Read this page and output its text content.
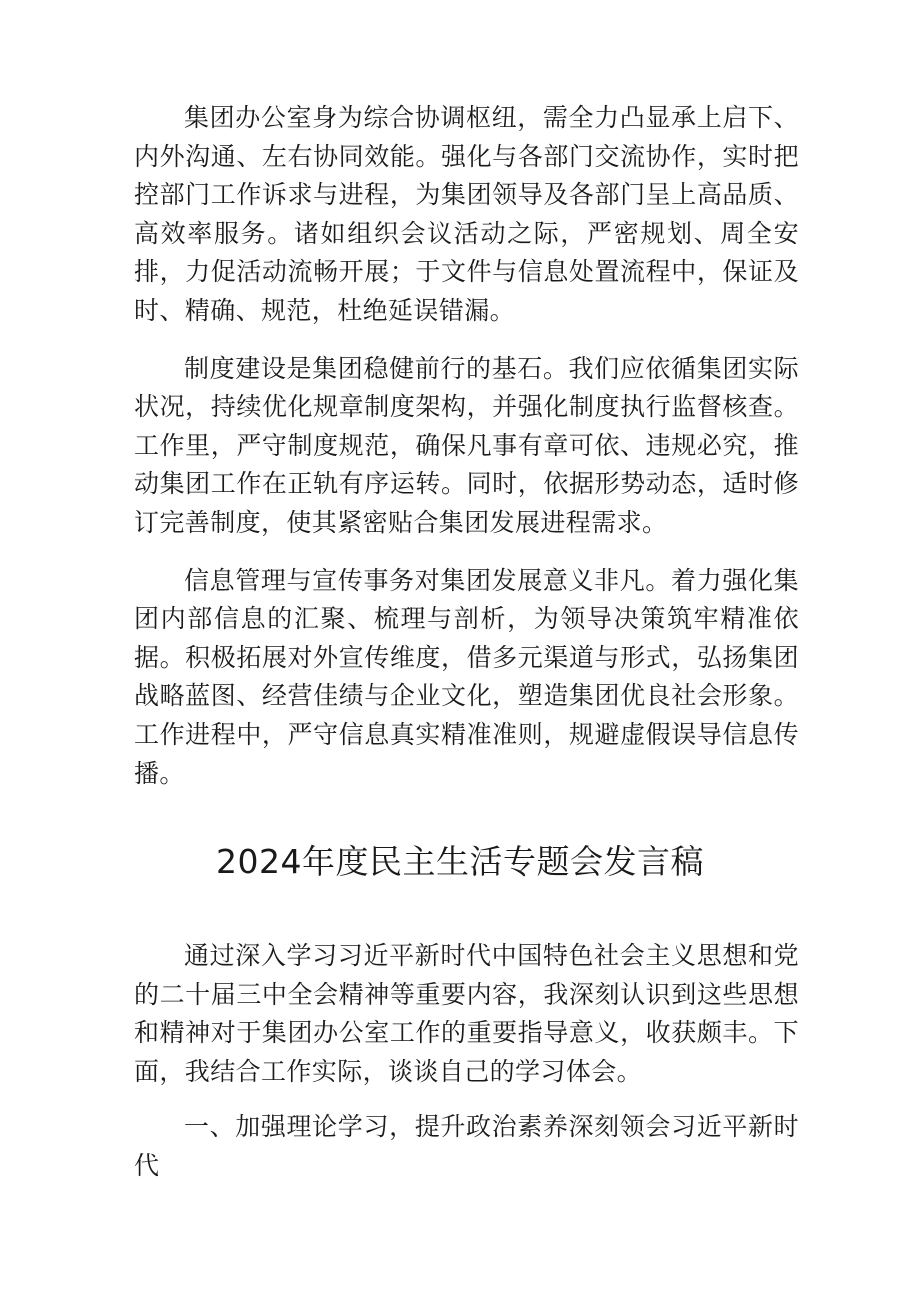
集团办公室身为综合协调枢纽，需全力凸显承上启下、内外沟通、左右协同效能。强化与各部门交流协作，实时把控部门工作诉求与进程，为集团领导及各部门呈上高品质、高效率服务。诸如组织会议活动之际，严密规划、周全安排，力促活动流畅开展；于文件与信息处置流程中，保证及时、精确、规范，杜绝延误错漏。

制度建设是集团稳健前行的基石。我们应依循集团实际状况，持续优化规章制度架构，并强化制度执行监督核查。工作里，严守制度规范，确保凡事有章可依、违规必究，推动集团工作在正轨有序运转。同时，依据形势动态，适时修订完善制度，使其紧密贴合集团发展进程需求。

信息管理与宣传事务对集团发展意义非凡。着力强化集团内部信息的汇聚、梳理与剖析，为领导决策筑牢精准依据。积极拓展对外宣传维度，借多元渠道与形式，弘扬集团战略蓝图、经营佳绩与企业文化，塑造集团优良社会形象。工作进程中，严守信息真实精准准则，规避虚假误导信息传播。

2024年度民主生活专题会发言稿

通过深入学习习近平新时代中国特色社会主义思想和党的二十届三中全会精神等重要内容，我深刻认识到这些思想和精神对于集团办公室工作的重要指导意义，收获颇丰。下面，我结合工作实际，谈谈自己的学习体会。

一、加强理论学习，提升政治素养深刻领会习近平新时代
